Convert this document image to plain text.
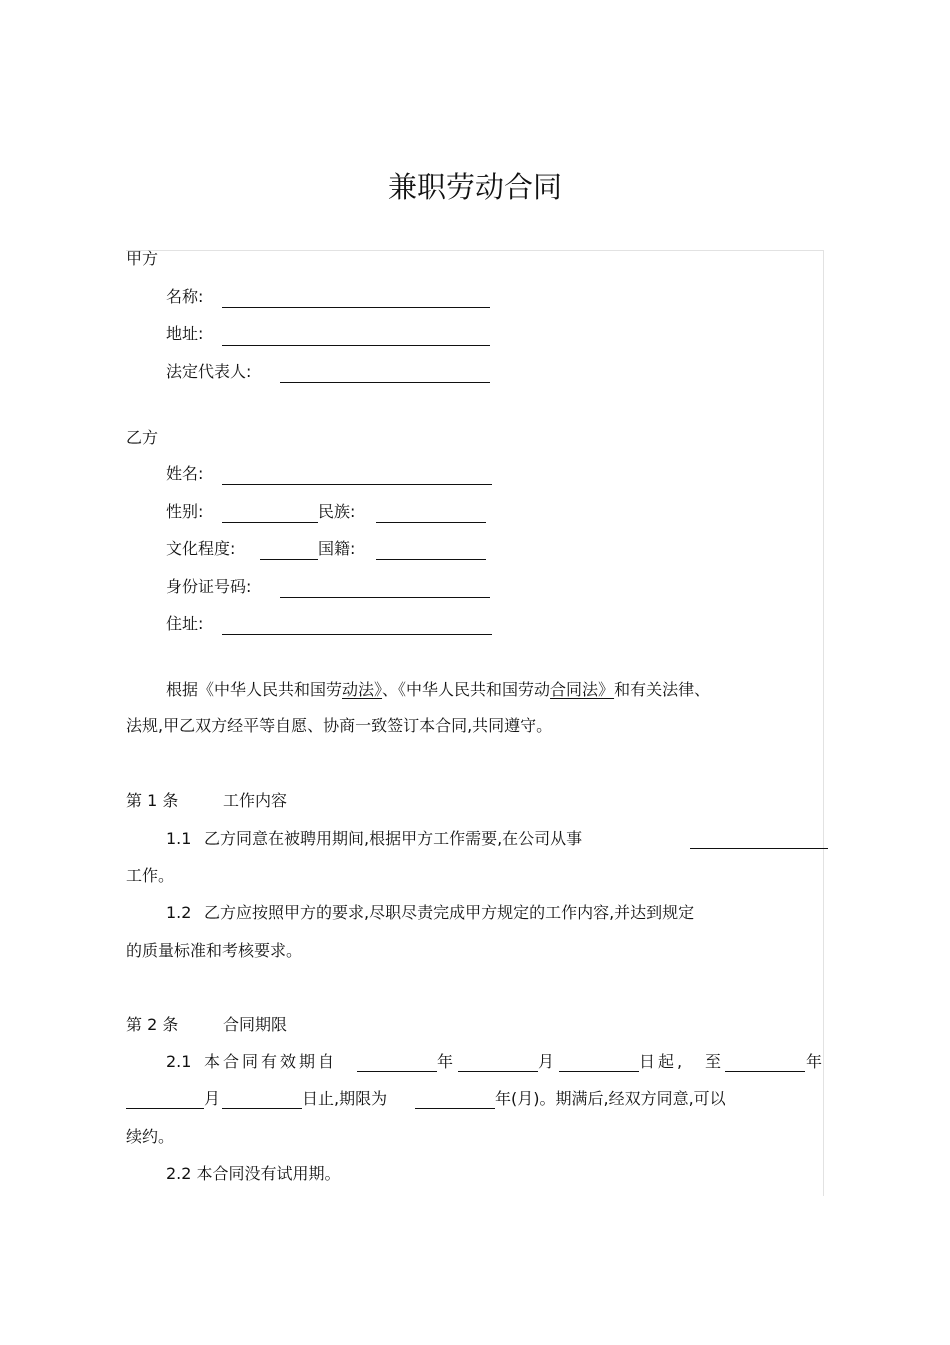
兼职劳动合同
甲方
名称:
地址:
法定代表人:
乙方
姓名:
性别:	民族:
文化程度:	国籍:
身份证号码:
住址:
根据《中华人民共和国劳动法》、《中华人民共和国劳动合同法》和有关法律、
法规,甲乙双方经平等自愿、协商一致签订本合同,共同遵守。
第 1 条	工作内容
1.1 乙方同意在被聘用期间,根据甲方工作需要,在公司从事
工作。
1.2 乙方应按照甲方的要求,尽职尽责完成甲方规定的工作内容,并达到规定
的质量标准和考核要求。
第 2 条	合同期限
2.1 本合同有效期自	年	月	日起, 至	年
月	日止,期限为	年(月)。期满后,经双方同意,可以
续约。
2.2 本合同没有试用期。
